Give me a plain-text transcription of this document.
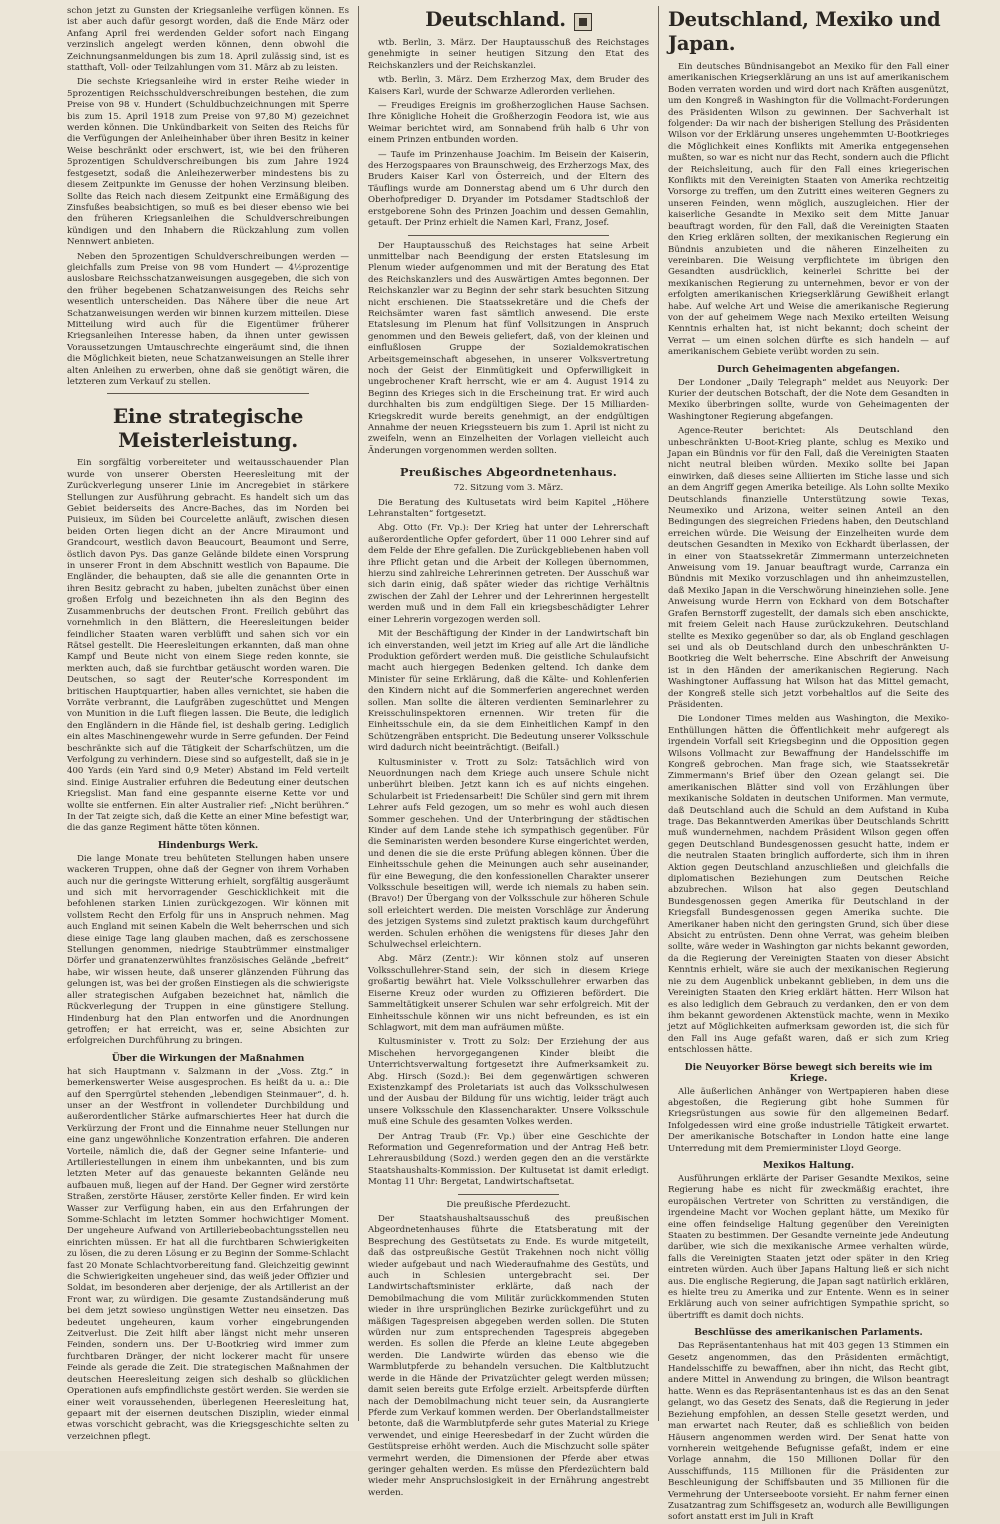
schon jetzt zu Gunsten der Kriegsanleihe verfügen können. Es ist aber auch dafür gesorgt worden, daß die Ende März oder Anfang April frei werdenden Gelder sofort nach Eingang verzinslich angelegt werden können, denn obwohl die Zeichnungsanmeldungen bis zum 18. April zulässig sind, ist es statthaft, Voll- oder Teilzahlungen vom 31. März ab zu leisten.

Die sechste Kriegsanleihe wird in erster Reihe wieder in 5prozentigen Reichsschuldverschreibungen bestehen, die zum Preise von 98 v. Hundert (Schuldbuchzeichnungen mit Sperre bis zum 15. April 1918 zum Preise von 97,80 M) gezeichnet werden können. Die Unkündbarkeit von Seiten des Reichs für die Verfügungen der Anleiheinhaber über ihren Besitz in keiner Weise beschränkt oder erschwert, ist, wie bei den früheren 5prozentigen Schuldverschreibungen bis zum Jahre 1924 festgesetzt, sodaß die Anleihezerwerber mindestens bis zu diesem Zeitpunkte im Genusse der hohen Verzinsung bleiben. Sollte das Reich nach diesem Zeitpunkt eine Ermäßigung des Zinsfußes beabsichtigen, so muß es bei dieser ebenso wie bei den früheren Kriegsanleihen die Schuldverschreibungen kündigen und den Inhabern die Rückzahlung zum vollen Nennwert anbieten.

Neben den 5prozentigen Schuldverschreibungen werden — gleichfalls zum Preise von 98 vom Hundert — 4½prozentige auslosbare Reichsschatzanweisungen ausgegeben, die sich von den früher begebenen Schatzanweisungen des Reichs sehr wesentlich unterscheiden. Das Nähere über die neue Art Schatzanweisungen werden wir binnen kurzem mitteilen. Diese Mitteilung wird auch für die Eigentümer früherer Kriegsanleihen Interesse haben, da ihnen unter gewissen Voraussetzungen Umtauschrechte eingeräumt sind, die ihnen die Möglichkeit bieten, neue Schatzanweisungen an Stelle ihrer alten Anleihen zu erwerben, ohne daß sie genötigt wären, die letzteren zum Verkauf zu stellen.

Eine strategische Meisterleistung.

Ein sorgfältig vorbereiteter und weitausschauender Plan wurde von unserer Obersten Heeresleitung mit der Zurückverlegung unserer Linie im Ancregebiet in stärkere Stellungen zur Ausführung gebracht. Es handelt sich um das Gebiet beiderseits des Ancre-Baches, das im Norden bei Puisieux, im Süden bei Courcelette anläuft, zwischen diesen beiden Orten liegen dicht an der Ancre Miraumont und Grandcourt, westlich davon Beaucourt, Beaumont und Serre, östlich davon Pys. Das ganze Gelände bildete einen Vorsprung in unserer Front in dem Abschnitt westlich von Bapaume. Die Engländer, die behaupten, daß sie alle die genannten Orte in ihren Besitz gebracht zu haben, jubelten zunächst über einen großen Erfolg und bezeichneten ihn als den Beginn des Zusammenbruchs der deutschen Front. Freilich gebührt das vornehmlich in den Blättern, die Heeresleitungen beider feindlicher Staaten waren verblüfft und sahen sich vor ein Rätsel gestellt. Die Heeresleitungen erkannten, daß man ohne Kampf und Beute nicht von einem Siege reden konnte, sie merkten auch, daß sie furchtbar getäuscht worden waren. Die Deutschen, so sagt der Reuter'sche Korrespondent im britischen Hauptquartier, haben alles vernichtet, sie haben die Vorräte verbrannt, die Laufgräben zugeschüttet und Mengen von Munition in die Luft fliegen lassen. Die Beute, die lediglich den Engländern in die Hände fiel, ist deshalb gering. Lediglich ein altes Maschinengewehr wurde in Serre gefunden. Der Feind beschränkte sich auf die Tätigkeit der Scharfschützen, um die Verfolgung zu verhindern. Diese sind so aufgestellt, daß sie in je 400 Yards (ein Yard sind 0,9 Meter) Abstand im Feld verteilt sind. Einige Australier erfuhren die Bedeutung einer deutschen Kriegslist. Man fand eine gespannte eiserne Kette vor und wollte sie entfernen. Ein alter Australier rief: „Nicht berühren.“ In der Tat zeigte sich, daß die Kette an einer Mine befestigt war, die das ganze Regiment hätte töten können.

Hindenburgs Werk.

Die lange Monate treu behüteten Stellungen haben unsere wackeren Truppen, ohne daß der Gegner von ihrem Vorhaben auch nur die geringste Witterung erhielt, sorgfältig ausgeräumt und sich mit hervorragender Geschicklichkeit mit die befohlenen starken Linien zurückgezogen. Wir können mit vollstem Recht den Erfolg für uns in Anspruch nehmen. Mag auch England mit seinen Kabeln die Welt beherrschen und sich diese einige Tage lang glauben machen, daß es zerschossene Stellungen genommen, niedrige Staubtrümmer einstmaliger Dörfer und granatenzerwühltes französisches Gelände „befreit“ habe, wir wissen heute, daß unserer glänzenden Führung das gelungen ist, was bei der großen Einstiegen als die schwierigste aller strategischen Aufgaben bezeichnet hat, nämlich die Rückverlegung der Truppen in eine günstigere Stellung. Hindenburg hat den Plan entworfen und die Anordnungen getroffen; er hat erreicht, was er, seine Absichten zur erfolgreichen Durchführung zu bringen.

Über die Wirkungen der Maßnahmen

hat sich Hauptmann v. Salzmann in der „Voss. Ztg.“ in bemerkenswerter Weise ausgesprochen. Es heißt da u. a.: Die auf den Sperrgürtel stehenden „lebendigen Steinmauer“, d. h. unser an der Westfront in vollendeter Durchbildung und außerordentlicher Stärke aufmarschiertes Heer hat durch die Verkürzung der Front und die Einnahme neuer Stellungen nur eine ganz ungewöhnliche Konzentration erfahren. Die anderen Vorteile, nämlich die, daß der Gegner seine Infanterie- und Artilleriestellungen in einem ihm unbekannten, und bis zum letzten Meter auf das genaueste bekannten Gelände neu aufbauen muß, liegen auf der Hand. Der Gegner wird zerstörte Straßen, zerstörte Häuser, zerstörte Keller finden. Er wird kein Wasser zur Verfügung haben, ein aus den Erfahrungen der Somme-Schlacht im letzten Sommer hochwichtiger Moment. Der ungeheure Aufwand von Artilleriebeobachtungsstellen neu einrichten müssen. Er hat all die furchtbaren Schwierigkeiten zu lösen, die zu deren Lösung er zu Beginn der Somme-Schlacht fast 20 Monate Schlachtvorbereitung fand. Gleichzeitig gewinnt die Schwierigkeiten ungeheuer sind, das weiß jeder Offizier und Soldat, im besonderen aber derjenige, der als Artillerist an der Front war, zu würdigen. Die gesamte Zustandsänderung muß bei dem jetzt sowieso ungünstigen Wetter neu einsetzen. Das bedeutet ungeheuren, kaum vorher eingebrungenden Zeitverlust. Die Zeit hilft aber längst nicht mehr unseren Feinden, sondern uns. Der U-Bootkrieg wird immer zum furchtbaren Dränger, der nicht lockerer macht für unsere Feinde als gerade die Zeit. Die strategischen Maßnahmen der deutschen Heeresleitung zeigen sich deshalb so glücklichen Operationen aufs empfindlichste gestört werden. Sie werden sie einer weit voraussehenden, überlegenen Heeresleitung hat, gepaart mit der eisernen deutschen Disziplin, wieder einmal etwas vorschicht gebracht, was die Kriegsgeschichte selten zu verzeichnen pflegt.

Deutschland.

wtb. Berlin, 3. März. Der Hauptausschuß des Reichstages genehmigte in seiner heutigen Sitzung den Etat des Reichskanzlers und der Reichskanzlei.

wtb. Berlin, 3. März. Dem Erzherzog Max, dem Bruder des Kaisers Karl, wurde der Schwarze Adlerorden verliehen.

— Freudiges Ereignis im großherzoglichen Hause Sachsen. Ihre Königliche Hoheit die Großherzogin Feodora ist, wie aus Weimar berichtet wird, am Sonnabend früh halb 6 Uhr von einem Prinzen entbunden worden.

— Taufe im Prinzenhause Joachim. Im Beisein der Kaiserin, des Herzogspaares von Braunschweig, des Erzherzogs Max, des Bruders Kaiser Karl von Österreich, und der Eltern des Täuflings wurde am Donnerstag abend um 6 Uhr durch den Oberhofprediger D. Dryander im Potsdamer Stadtschloß der erstgeborene Sohn des Prinzen Joachim und dessen Gemahlin, getauft. Der Prinz erhielt die Namen Karl, Franz, Josef.

Der Hauptausschuß des Reichstages hat seine Arbeit unmittelbar nach Beendigung der ersten Etatslesung im Plenum wieder aufgenommen und mit der Beratung des Etat des Reichskanzlers und des Auswärtigen Amtes begonnen. Der Reichskanzler war zu Beginn der sehr stark besuchten Sitzung nicht erschienen. Die Staatssekretäre und die Chefs der Reichsämter waren fast sämtlich anwesend. Die erste Etatslesung im Plenum hat fünf Vollsitzungen in Anspruch genommen und den Beweis geliefert, daß, von der kleinen und einflußlosen Gruppe der Sozialdemokratischen Arbeitsgemeinschaft abgesehen, in unserer Volksvertretung noch der Geist der Einmütigkeit und Opferwilligkeit in ungebrochener Kraft herrscht, wie er am 4. August 1914 zu Beginn des Krieges sich in die Erscheinung trat. Er wird auch durchhalten bis zum endgültigen Siege. Der 15 Milliarden-Kriegskredit wurde bereits genehmigt, an der endgültigen Annahme der neuen Kriegssteuern bis zum 1. April ist nicht zu zweifeln, wenn an Einzelheiten der Vorlagen vielleicht auch Änderungen vorgenommen werden sollten.

Preußisches Abgeordnetenhaus.
72. Sitzung vom 3. März.

Die Beratung des Kultusetats wird beim Kapitel „Höhere Lehranstalten“ fortgesetzt.

Abg. Otto (Fr. Vp.): Der Krieg hat unter der Lehrerschaft außerordentliche Opfer gefordert, über 11 000 Lehrer sind auf dem Felde der Ehre gefallen. Die Zurückgebliebenen haben voll ihre Pflicht getan und die Arbeit der Kollegen übernommen, hierzu sind zahlreiche Lehrerinnen getreten. Der Ausschuß war sich darin einig, daß später wieder das richtige Verhältnis zwischen der Zahl der Lehrer und der Lehrerinnen hergestellt werden muß und in dem Fall ein kriegsbeschädigter Lehrer einer Lehrerin vorgezogen werden soll.

Mit der Beschäftigung der Kinder in der Landwirtschaft bin ich einverstanden, weil jetzt im Krieg auf alle Art die ländliche Produktion gefördert werden muß. Die geistliche Schulaufsicht macht auch hiergegen Bedenken geltend. Ich danke dem Minister für seine Erklärung, daß die Kälte- und Kohlenferien den Kindern nicht auf die Sommerferien angerechnet werden sollen. Man sollte die älteren verdienten Seminarlehrer zu Kreisschulinspektoren ernennen. Wir treten für die Einheitsschule ein, da sie dem Einheitlichen Kampf in den Schützengräben entspricht. Die Bedeutung unserer Volksschule wird dadurch nicht beeinträchtigt. (Beifall.)

Kultusminister v. Trott zu Solz: Tatsächlich wird von Neuordnungen nach dem Kriege auch unsere Schule nicht unberührt bleiben. Jetzt kann ich es auf nichts eingehen. Schularbeit ist Friedensarbeit! Die Schüler sind gern mit ihrem Lehrer aufs Feld gezogen, um so mehr es wohl auch diesen Sommer geschehen. Und der Unterbringung der städtischen Kinder auf dem Lande stehe ich sympathisch gegenüber. Für die Seminaristen werden besondere Kurse eingerichtet werden, und denen die sie die erste Prüfung ablegen können. Über die Einheitsschule gehen die Meinungen auch sehr auseinander, für eine Bewegung, die den konfessionellen Charakter unserer Volksschule beseitigen will, werde ich niemals zu haben sein. (Bravo!) Der Übergang von der Volksschule zur höheren Schule soll erleichtert werden. Die meisten Vorschläge zur Änderung des jetzigen Systems sind zuletzt praktisch kaum durchgeführt werden. Schulen erhöhen die wenigstens für dieses Jahr den Schulwechsel erleichtern.

Abg. März (Zentr.): Wir können stolz auf unseren Volksschullehrer-Stand sein, der sich in diesem Kriege großartig bewährt hat. Viele Volksschullehrer erwarben das Eiserne Kreuz oder wurden zu Offizieren befördert. Die Sammeltätigkeit unserer Schulen war sehr erfolgreich. Mit der Einheitsschule können wir uns nicht befreunden, es ist ein Schlagwort, mit dem man aufräumen müßte.

Kultusminister v. Trott zu Solz: Der Erziehung der aus Mischehen hervorgegangenen Kinder bleibt die Unterrichtsverwaltung fortgesetzt ihre Aufmerksamkeit zu. Abg. Hirsch (Sozd.): Bei dem gegenwärtigen schweren Existenzkampf des Proletariats ist auch das Volksschulwesen und der Ausbau der Bildung für uns wichtig, leider trägt auch unsere Volksschule den Klassencharakter. Unsere Volksschule muß eine Schule des gesamten Volkes werden.

Der Antrag Traub (Fr. Vp.) über eine Geschichte der Reformation und Gegenreformation und der Antrag Heß betr. Lehrerausbildung (Sozd.) werden gegen den an die verstärkte Staatshaushalts-Kommission. Der Kultusetat ist damit erledigt. Montag 11 Uhr: Bergetat, Landwirtschaftsetat.

Die preußische Pferdezucht.

Der Staatshaushaltsausschuß des preußischen Abgeordnetenhauses führte die Etatsberatung mit der Besprechung des Gestütsetats zu Ende. Es wurde mitgeteilt, daß das ostpreußische Gestüt Trakehnen noch nicht völlig wieder aufgebaut und nach Wiederaufnahme des Gestüts, und auch in Schlesien untergebracht sei. Der Landwirtschaftsminister erklärte, daß nach der Demobilmachung die vom Militär zurückkommenden Stuten wieder in ihre ursprünglichen Bezirke zurückgeführt und zu mäßigen Tagespreisen abgegeben werden sollen. Die Stuten würden nur zum entsprechenden Tagespreis abgegeben werden. Es sollen die Pferde an kleine Leute abgegeben werden. Die Landwirte würden das ebenso wie die Warmblutpferde zu behandeln versuchen. Die Kaltblutzucht werde in die Hände der Privatzüchter gelegt werden müssen; damit seien bereits gute Erfolge erzielt. Arbeitspferde dürften nach der Demobilmachung nicht teuer sein, da Ausrangierte Pferde zum Verkauf kommen werden. Der Oberlandstallmeister betonte, daß die Warmblutpferde sehr gutes Material zu Kriege verwendet, und einige Heeresbedarf in der Zucht würden die Gestütspreise erhöht werden. Auch die Mischzucht solle später vermehrt werden, die Dimensionen der Pferde aber etwas geringer gehalten werden. Es müsse den Pferdezüchtern bald wieder mehr Anspruchslosigkeit in der Ernährung angestrebt werden.

Deutschland, Mexiko und Japan.

Ein deutsches Bündnisangebot an Mexiko für den Fall einer amerikanischen Kriegserklärung an uns ist auf amerikanischem Boden verraten worden und wird dort nach Kräften ausgenützt, um den Kongreß in Washington für die Vollmacht-Forderungen des Präsidenten Wilson zu gewinnen. Der Sachverhalt ist folgender: Da wir nach der bisherigen Stellung des Präsidenten Wilson vor der Erklärung unseres ungehemmten U-Bootkrieges die Möglichkeit eines Konflikts mit Amerika entgegensehen mußten, so war es nicht nur das Recht, sondern auch die Pflicht der Reichsleitung, auch für den Fall eines kriegerischen Konflikts mit den Vereinigten Staaten von Amerika rechtzeitig Vorsorge zu treffen, um den Zutritt eines weiteren Gegners zu unseren Feinden, wenn möglich, auszugleichen. Hier der kaiserliche Gesandte in Mexiko seit dem Mitte Januar beauftragt worden, für den Fall, daß die Vereinigten Staaten den Krieg erklären sollten, der mexikanischen Regierung ein Bündnis anzubieten und die näheren Einzelheiten zu vereinbaren. Die Weisung verpflichtete im übrigen den Gesandten ausdrücklich, keinerlei Schritte bei der mexikanischen Regierung zu unternehmen, bevor er von der erfolgten amerikanischen Kriegserklärung Gewißheit erlangt habe. Auf welche Art und Weise die amerikanische Regierung von der auf geheimem Wege nach Mexiko erteilten Weisung Kenntnis erhalten hat, ist nicht bekannt; doch scheint der Verrat — um einen solchen dürfte es sich handeln — auf amerikanischem Gebiete verübt worden zu sein.

Durch Geheimagenten abgefangen.

Der Londoner „Daily Telegraph“ meldet aus Neuyork: Der Kurier der deutschen Botschaft, der die Note dem Gesandten in Mexiko überbringen sollte, wurde von Geheimagenten der Washingtoner Regierung abgefangen.

Agence-Reuter berichtet: Als Deutschland den unbeschränkten U-Boot-Krieg plante, schlug es Mexiko und Japan ein Bündnis vor für den Fall, daß die Vereinigten Staaten nicht neutral bleiben würden. Mexiko sollte bei Japan einwirken, daß dieses seine Alliierten im Stiche lasse und sich an dem Angriff gegen Amerika beteilige. Als Lohn sollte Mexiko Deutschlands finanzielle Unterstützung sowie Texas, Neumexiko und Arizona, weiter seinen Anteil an den Bedingungen des siegreichen Friedens haben, den Deutschland erreichen würde. Die Weisung der Einzelheiten wurde dem deutschen Gesandten in Mexiko von Eckhardt überlassen, der in einer von Staatssekretär Zimmermann unterzeichneten Anweisung vom 19. Januar beauftragt wurde, Carranza ein Bündnis mit Mexiko vorzuschlagen und ihn anheimzustellen, daß Mexiko Japan in die Verschwörung hineinziehen solle. Jene Anweisung wurde Herrn von Eckhard von dem Botschafter Grafen Bernstorff zugestellt, der damals sich eben anschickte, mit freiem Geleit nach Hause zurückzukehren. Deutschland stellte es Mexiko gegenüber so dar, als ob England geschlagen sei und als ob Deutschland durch den unbeschränkten U-Bootkrieg die Welt beherrsche. Eine Abschrift der Anweisung ist in den Händen der amerikanischen Regierung. Nach Washingtoner Auffassung hat Wilson hat das Mittel gemacht, der Kongreß stelle sich jetzt vorbehaltlos auf die Seite des Präsidenten.

Die Londoner Times melden aus Washington, die Mexiko-Enthüllungen hätten die Öffentlichkeit mehr aufgeregt als irgendein Vorfall seit Kriegsbeginn und die Opposition gegen Wilsons Vollmacht zur Bewaffnung der Handelsschiffe im Kongreß gebrochen. Man frage sich, wie Staatssekretär Zimmermann's Brief über den Ozean gelangt sei. Die amerikanischen Blätter sind voll von Erzählungen über mexikanische Soldaten in deutschen Uniformen. Man vermute, daß Deutschland auch die Schuld an dem Aufstand in Kuba trage. Das Bekanntwerden Amerikas über Deutschlands Schritt muß wundernehmen, nachdem Präsident Wilson gegen offen gegen Deutschland Bundesgenossen gesucht hatte, indem er die neutralen Staaten bringlich aufforderte, sich ihm in ihren Aktion gegen Deutschland anzuschließen und gleichfalls die diplomatischen Beziehungen zum Deutschen Reiche abzubrechen. Wilson hat also gegen Deutschland Bundesgenossen gegen Amerika für Deutschland in der Kriegsfall Bundesgenossen gegen Amerika suchte. Die Amerikaner haben nicht den geringsten Grund, sich über diese Absicht zu entrüsten. Denn ohne Verrat, was geheim bleiben sollte, wäre weder in Washington gar nichts bekannt geworden, da die Regierung der Vereinigten Staaten von dieser Absicht Kenntnis erhielt, wäre sie auch der mexikanischen Regierung nie zu dem Augenblick unbekannt geblieben, in dem uns die Vereinigten Staaten den Krieg erklärt hätten. Herr Wilson hat es also lediglich dem Gebrauch zu verdanken, den er von dem ihm bekannt gewordenen Aktenstück machte, wenn in Mexiko jetzt auf Möglichkeiten aufmerksam geworden ist, die sich für den Fall ins Auge gefaßt waren, daß er sich zum Krieg entschlossen hätte.

Die Neuyorker Börse bewegt sich bereits wie im Kriege.

Alle äußerlichen Anhänger von Wertpapieren haben diese abgestoßen, die Regierung gibt hohe Summen für Kriegsrüstungen aus sowie für den allgemeinen Bedarf. Infolgedessen wird eine große industrielle Tätigkeit erwartet. Der amerikanische Botschafter in London hatte eine lange Unterredung mit dem Premierminister Lloyd George.

Mexikos Haltung.

Ausführungen erklärte der Pariser Gesandte Mexikos, seine Regierung habe es nicht für zweckmäßig erachtet, ihre europäischen Vertreter von Schritten zu verständigen, die irgendeine Macht vor Wochen geplant hätte, um Mexiko für eine offen feindselige Haltung gegenüber den Vereinigten Staaten zu bestimmen. Der Gesandte verneinte jede Andeutung darüber, wie sich die mexikanische Armee verhalten würde, falls die Vereinigten Staaten jetzt oder später in den Krieg eintreten würden. Auch über Japans Haltung ließ er sich nicht aus. Die englische Regierung, die Japan sagt natürlich erklären, es hielte treu zu Amerika und zur Entente. Wenn es in seiner Erklärung auch von seiner aufrichtigen Sympathie spricht, so übertrifft es damit doch nichts.

Beschlüsse des amerikanischen Parlaments.

Das Repräsentantenhaus hat mit 403 gegen 13 Stimmen ein Gesetz angenommen, das den Präsidenten ermächtigt, Handelsschiffe zu bewaffnen, aber ihn nicht, das Recht gibt, andere Mittel in Anwendung zu bringen, die Wilson beantragt hatte. Wenn es das Repräsentantenhaus ist es das an den Senat gelangt, wo das Gesetz des Senats, daß die Regierung in jeder Beziehung empfohlen, an dessen Stelle gesetzt werden, und man erwartet nach Reuter, daß es schließlich von beiden Häusern angenommen werden wird. Der Senat hatte von vornherein weitgehende Befugnisse gefaßt, indem er eine Vorlage annahm, die 150 Millionen Dollar für den Ausschiffunds, 115 Millionen für die Präsidenten zur Beschleunigung der Schiffsbauten und 35 Millionen für die Vermehrung der Unterseeboote vorsieht. Er nahm ferner einen Zusatzantrag zum Schiffsgesetz an, wodurch alle Bewilligungen sofort anstatt erst im Juli in Kraft
